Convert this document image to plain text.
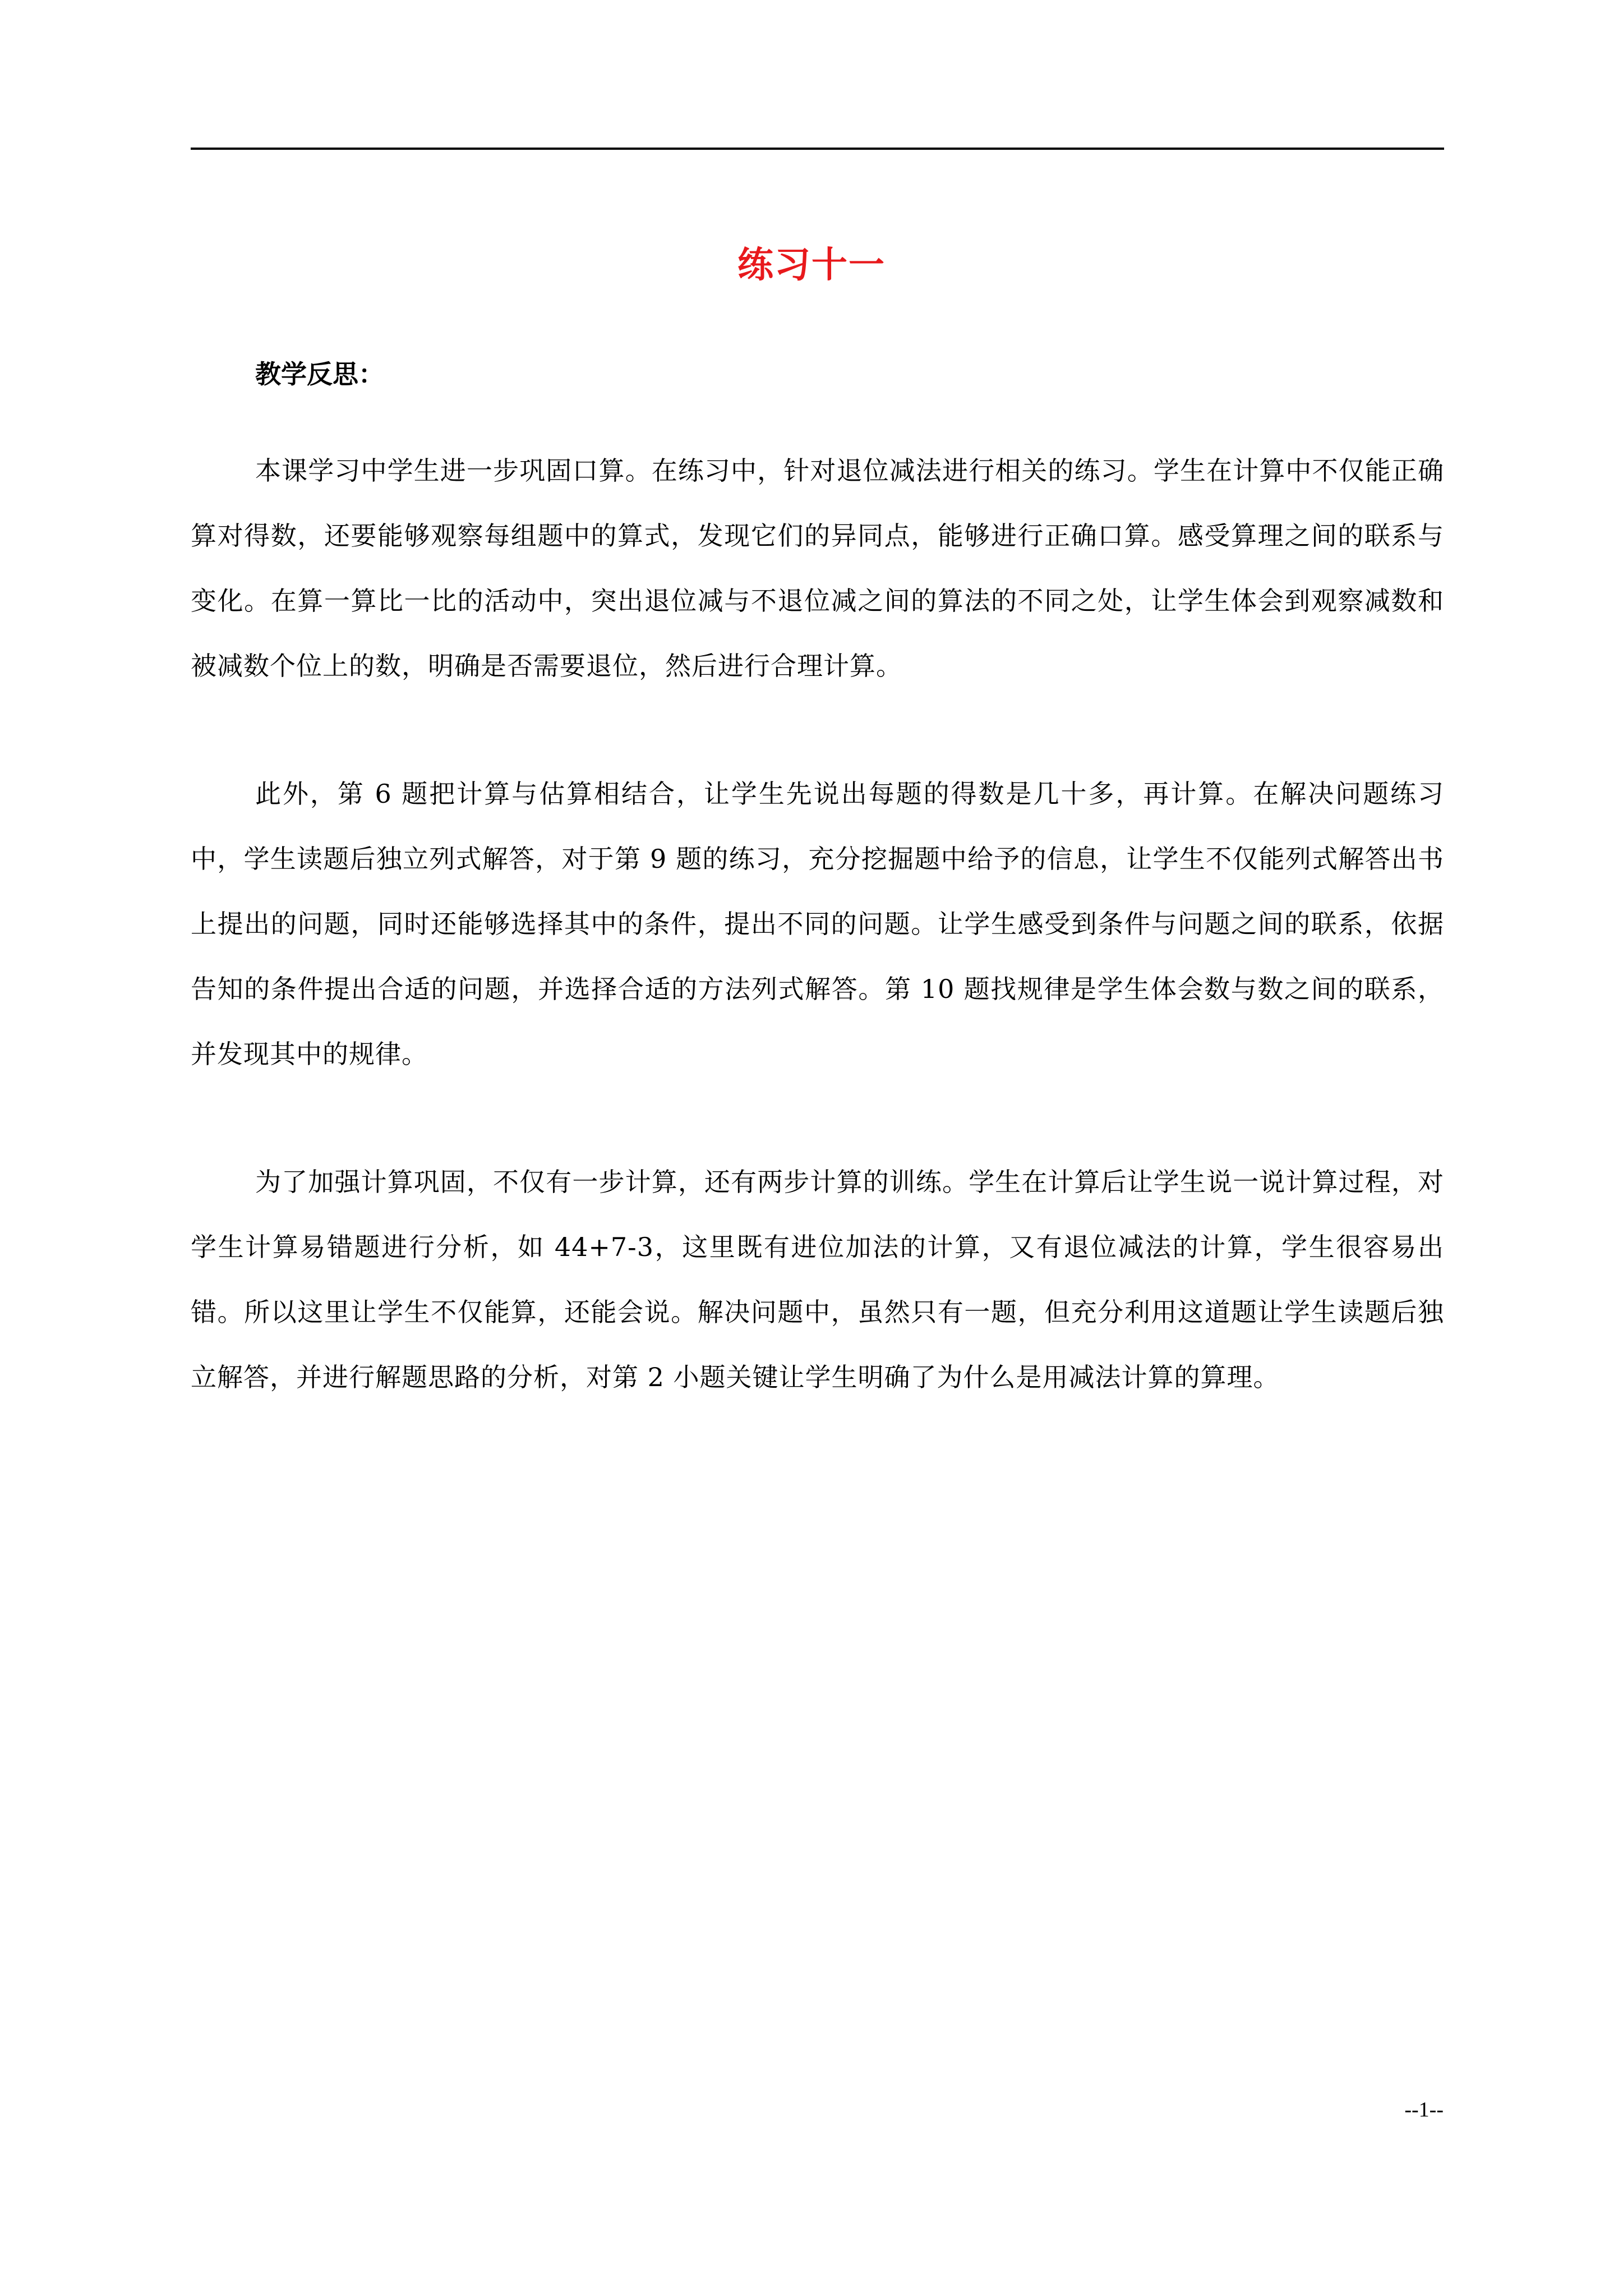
练习十一
教学反思：

本课学习中学生进一步巩固口算。在练习中，针对退位减法进行相关的练习。学生在计算中不仅能正确算对得数，还要能够观察每组题中的算式，发现它们的异同点，能够进行正确口算。感受算理之间的联系与变化。在算一算比一比的活动中，突出退位减与不退位减之间的算法的不同之处，让学生体会到观察减数和被减数个位上的数，明确是否需要退位，然后进行合理计算。

此外，第 6 题把计算与估算相结合，让学生先说出每题的得数是几十多，再计算。在解决问题练习中，学生读题后独立列式解答，对于第 9 题的练习，充分挖掘题中给予的信息，让学生不仅能列式解答出书上提出的问题，同时还能够选择其中的条件，提出不同的问题。让学生感受到条件与问题之间的联系，依据告知的条件提出合适的问题，并选择合适的方法列式解答。第 10 题找规律是学生体会数与数之间的联系，并发现其中的规律。

为了加强计算巩固，不仅有一步计算，还有两步计算的训练。学生在计算后让学生说一说计算过程，对学生计算易错题进行分析，如 44+7-3，这里既有进位加法的计算，又有退位减法的计算，学生很容易出错。所以这里让学生不仅能算，还能会说。解决问题中，虽然只有一题，但充分利用这道题让学生读题后独立解答，并进行解题思路的分析，对第 2 小题关键让学生明确了为什么是用减法计算的算理。

--1--
